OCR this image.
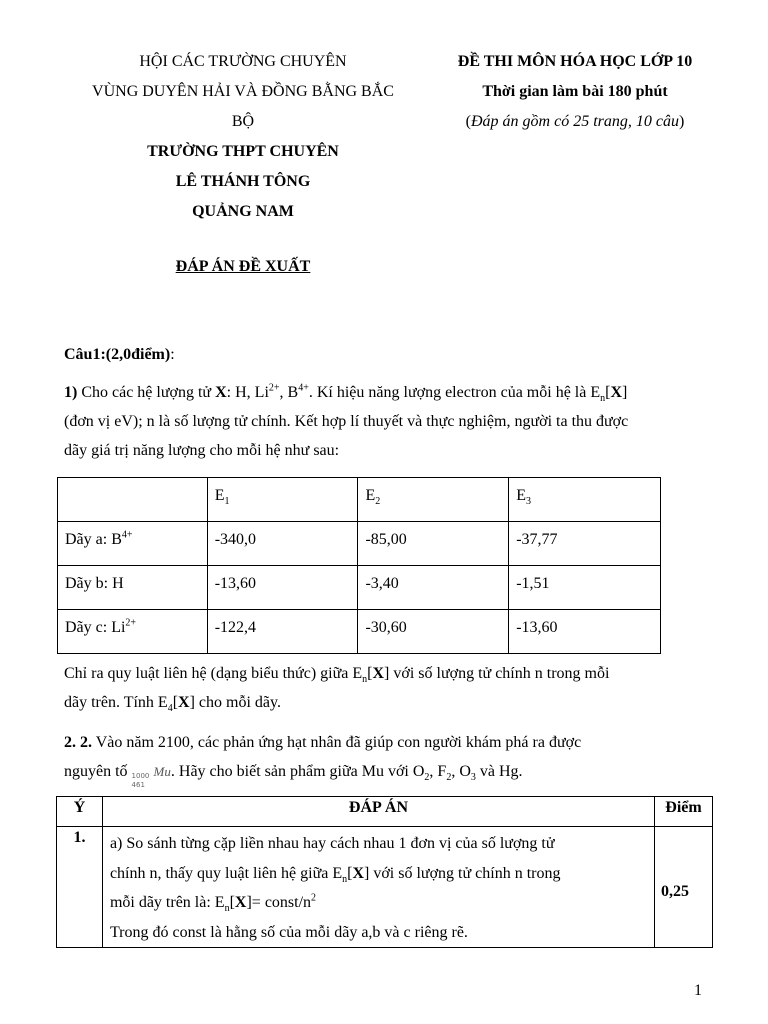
HỘI CÁC TRƯỜNG CHUYÊN
VÙNG DUYÊN HẢI VÀ ĐỒNG BẰNG BẮC
BỘ
TRƯỜNG THPT CHUYÊN
LÊ THÁNH TÔNG
QUẢNG NAM
ĐỀ THI MÔN HÓA HỌC LỚP 10
Thời gian làm bài 180 phút
(Đáp án gồm có 25 trang, 10 câu)
ĐÁP ÁN ĐỀ XUẤT
Câu1:(2,0điểm):
1) Cho các hệ lượng tử X: H, $Li^{2+}$, $B^{4+}$. Kí hiệu năng lượng electron của mỗi hệ là $E_n[X]$
(đơn vị eV); n là số lượng tử chính. Kết hợp lí thuyết và thực nghiệm, người ta thu được
dãy giá trị năng lượng cho mỗi hệ như sau:
	$E_1$	$E_2$	$E_3$
Dãy a: $B^{4+}$	-340,0	-85,00	-37,77
Dãy b: H	-13,60	-3,40	-1,51
Dãy c: $Li^{2+}$	-122,4	-30,60	-13,60
Chỉ ra quy luật liên hệ (dạng biểu thức) giữa $E_n[X]$ với số lượng tử chính n trong mỗi
dãy trên. Tính $E_4[X]$ cho mỗi dãy.
2. 2. Vào năm 2100, các phản ứng hạt nhân đã giúp con người khám phá ra được
nguyên tố 1000
461
Mu. Hãy cho biết sản phẩm giữa Mu với $O_2$, $F_2$, $O_3$ và Hg.
Ý	ĐÁP ÁN	Điểm
1.	a) So sánh từng cặp liền nhau hay cách nhau 1 đơn vị của số lượng tử
chính n, thấy quy luật liên hệ giữa $E_n[X]$ với số lượng tử chính n trong
mỗi dãy trên là: $E_n[X]=$ const/$n^2$
Trong đó const là hằng số của mỗi dãy a,b và c riêng rẽ.	0,25
1
